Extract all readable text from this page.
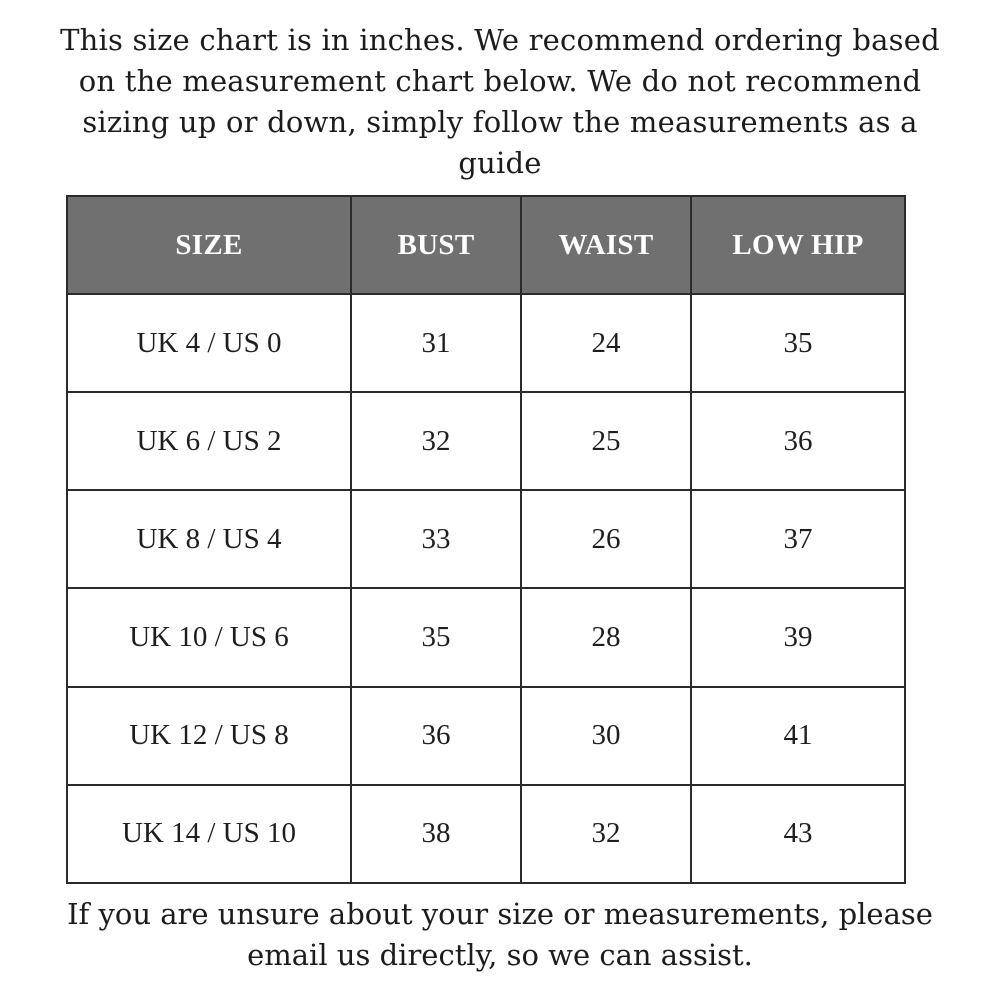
This size chart is in inches. We recommend ordering based on the measurement chart below. We do not recommend sizing up or down, simply follow the measurements as a guide

SIZE	BUST	WAIST	LOW HIP
UK 4 / US 0	31	24	35
UK 6 / US 2	32	25	36
UK 8 / US 4	33	26	37
UK 10 / US 6	35	28	39
UK 12 / US 8	36	30	41
UK 14 / US 10	38	32	43

If you are unsure about your size or measurements, please email us directly, so we can assist.
